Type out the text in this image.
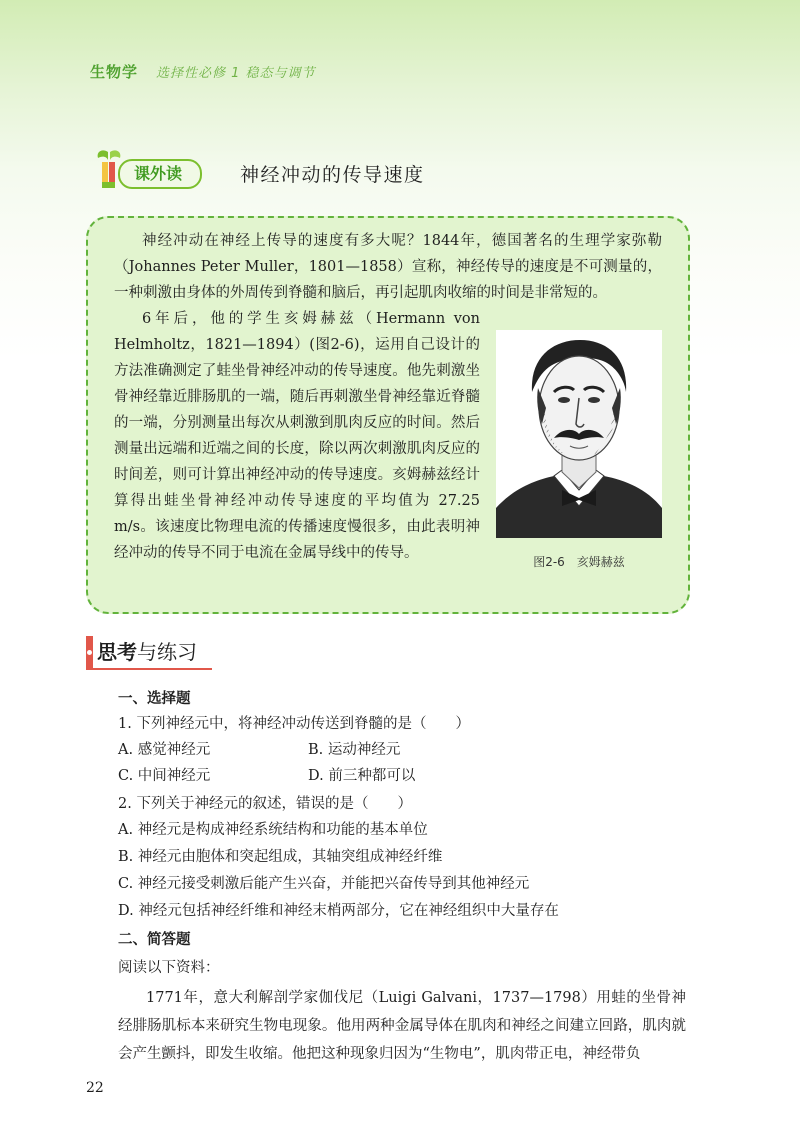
生物学 选择性必修 1 稳态与调节
课外读	神经冲动的传导速度
神经冲动在神经上传导的速度有多大呢？1844年，德国著名的生理学家弥勒（Johannes Peter Muller，1801—1858）宣称，神经传导的速度是不可测量的，一种刺激由身体的外周传到脊髓和脑后，再引起肌肉收缩的时间是非常短的。
6年后，他的学生亥姆赫兹（Hermann von Helmholtz，1821—1894）(图2-6)，运用自己设计的方法准确测定了蛙坐骨神经冲动的传导速度。他先刺激坐骨神经靠近腓肠肌的一端，随后再刺激坐骨神经靠近脊髓的一端，分别测量出每次从刺激到肌肉反应的时间。然后测量出远端和近端之间的长度，除以两次刺激肌肉反应的时间差，则可计算出神经冲动的传导速度。亥姆赫兹经计算得出蛙坐骨神经冲动传导速度的平均值为 27.25 m/s。该速度比物理电流的传播速度慢很多，由此表明神经冲动的传导不同于电流在金属导线中的传导。
图2-6　亥姆赫兹
思考与练习
一、选择题
1. 下列神经元中，将神经冲动传送到脊髓的是（　　）
A. 感觉神经元	B. 运动神经元
C. 中间神经元	D. 前三种都可以
2. 下列关于神经元的叙述，错误的是（　　）
A. 神经元是构成神经系统结构和功能的基本单位
B. 神经元由胞体和突起组成，其轴突组成神经纤维
C. 神经元接受刺激后能产生兴奋，并能把兴奋传导到其他神经元
D. 神经元包括神经纤维和神经末梢两部分，它在神经组织中大量存在
二、简答题
阅读以下资料：
1771年，意大利解剖学家伽伐尼（Luigi Galvani，1737—1798）用蛙的坐骨神经腓肠肌标本来研究生物电现象。他用两种金属导体在肌肉和神经之间建立回路，肌肉就会产生颤抖，即发生收缩。他把这种现象归因为“生物电”，肌肉带正电，神经带负
22
